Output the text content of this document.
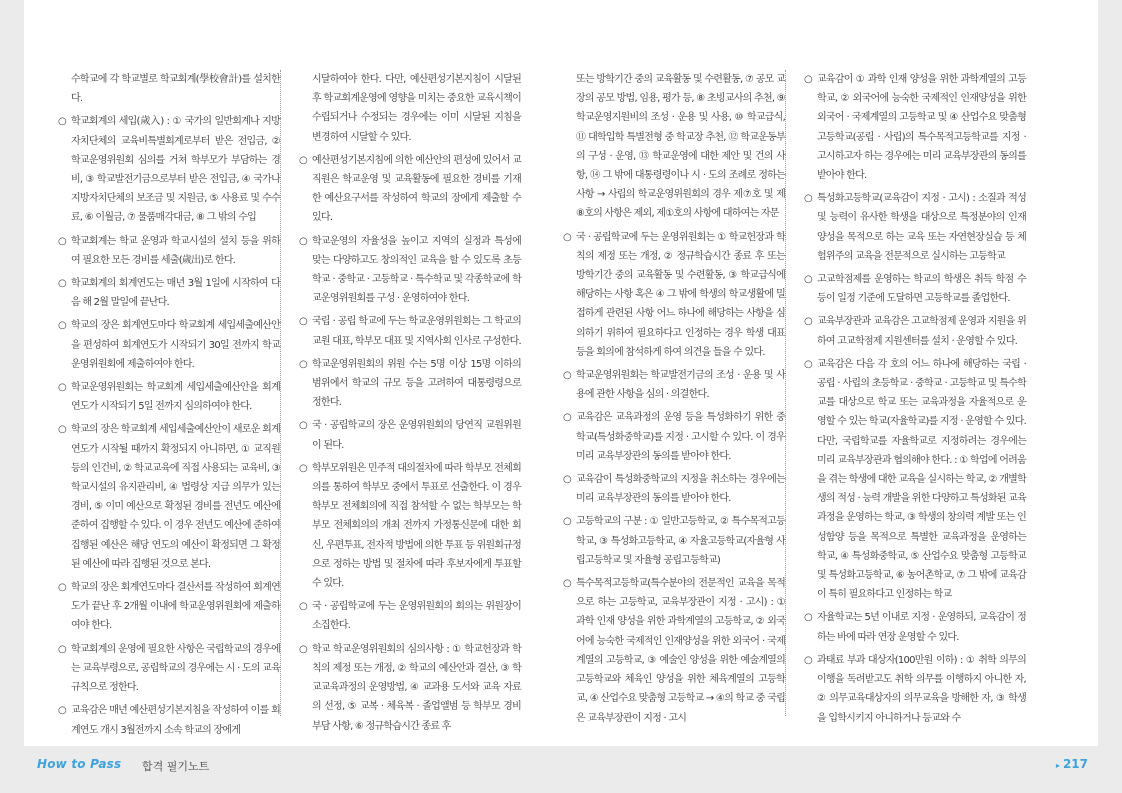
수학교에 각 학교별로 학교회계(學校會計)를 설치한다.
○ 학교회계의 세입(歲入) : ① 국가의 일반회계나 지방자치단체의 교육비특별회계로부터 받은 전입금, ② 학교운영위원회 심의를 거쳐 학부모가 부담하는 경비, ③ 학교발전기금으로부터 받은 전입금, ④ 국가나 지방자치단체의 보조금 및 지원금, ⑤ 사용료 및 수수료, ⑥ 이월금, ⑦ 물품매각대금, ⑧ 그 밖의 수입
○ 학교회계는 학교 운영과 학교시설의 설치 등을 위하여 필요한 모든 경비를 세출(歲出)로 한다.
○ 학교회계의 회계연도는 매년 3월 1일에 시작하여 다음 해 2월 말일에 끝난다.
○ 학교의 장은 회계연도마다 학교회계 세입세출예산안을 편성하여 회계연도가 시작되기 30일 전까지 학교운영위원회에 제출하여야 한다.
○ 학교운영위원회는 학교회계 세입세출예산안을 회계연도가 시작되기 5일 전까지 심의하여야 한다.
○ 학교의 장은 학교회계 세입세출예산안이 새로운 회계연도가 시작될 때까지 확정되지 아니하면, ① 교직원 등의 인건비, ② 학교교육에 직접 사용되는 교육비, ③ 학교시설의 유지관리비, ④ 법령상 지급 의무가 있는 경비, ⑤ 이미 예산으로 확정된 경비를 전년도 예산에 준하여 집행할 수 있다. 이 경우 전년도 예산에 준하여 집행된 예산은 해당 연도의 예산이 확정되면 그 확정된 예산에 따라 집행된 것으로 본다.
○ 학교의 장은 회계연도마다 결산서를 작성하여 회계연도가 끝난 후 2개월 이내에 학교운영위원회에 제출하여야 한다.
○ 학교회계의 운영에 필요한 사항은 국립학교의 경우에는 교육부령으로, 공립학교의 경우에는 시 · 도의 교육규칙으로 정한다.
○ 교육감은 매년 예산편성기본지침을 작성하여 이를 회계연도 개시 3월전까지 소속 학교의 장에게
시달하여야 한다. 다만, 예산편성기본지침이 시달된 후 학교회계운영에 영향을 미치는 중요한 교육시책이 수립되거나 수정되는 경우에는 이미 시달된 지침을 변경하여 시달할 수 있다.
○ 예산편성기본지침에 의한 예산안의 편성에 있어서 교직원은 학교운영 및 교육활동에 필요한 경비를 기재한 예산요구서를 작성하여 학교의 장에게 제출할 수 있다.
○ 학교운영의 자율성을 높이고 지역의 실정과 특성에 맞는 다양하고도 창의적인 교육을 할 수 있도록 초등학교 · 중학교 · 고등학교 · 특수학교 및 각종학교에 학교운영위원회를 구성 · 운영하여야 한다.
○ 국립 · 공립 학교에 두는 학교운영위원회는 그 학교의 교원 대표, 학부모 대표 및 지역사회 인사로 구성한다.
○ 학교운영위원회의 위원 수는 5명 이상 15명 이하의 범위에서 학교의 규모 등을 고려하여 대통령령으로 정한다.
○ 국 · 공립학교의 장은 운영위원회의 당연직 교원위원이 된다.
○ 학부모위원은 민주적 대의절차에 따라 학부모 전체회의를 통하여 학부모 중에서 투표로 선출한다. 이 경우 학부모 전체회의에 직접 참석할 수 없는 학부모는 학부모 전체회의의 개최 전까지 가정통신문에 대한 회신, 우편투표, 전자적 방법에 의한 투표 등 위원회규정으로 정하는 방법 및 절차에 따라 후보자에게 투표할 수 있다.
○ 국 · 공립학교에 두는 운영위원회의 회의는 위원장이 소집한다.
○ 학교 학교운영위원회의 심의사항 : ① 학교헌장과 학칙의 제정 또는 개정, ② 학교의 예산안과 결산, ③ 학교교육과정의 운영방법, ④ 교과용 도서와 교육 자료의 선정, ⑤ 교복 · 체육복 · 졸업앨범 등 학부모 경비 부담 사항, ⑥ 정규학습시간 종료 후
또는 방학기간 중의 교육활동 및 수련활동, ⑦ 공모 교장의 공모 방법, 임용, 평가 등, ⑧ 초빙교사의 추천, ⑨ 학교운영지원비의 조성 · 운용 및 사용, ⑩ 학교급식, ⑪ 대학입학 특별전형 중 학교장 추천, ⑫ 학교운동부의 구성 · 운영, ⑬ 학교운영에 대한 제안 및 건의 사항, ⑭ 그 밖에 대통령령이나 시 · 도의 조례로 정하는 사항 → 사립의 학교운영위원회의 경우 제⑦호 및 제⑧호의 사항은 제외, 제①호의 사항에 대하여는 자문
○ 국 · 공립학교에 두는 운영위원회는 ① 학교헌장과 학칙의 제정 또는 개정, ② 정규학습시간 종료 후 또는 방학기간 중의 교육활동 및 수련활동, ③ 학교급식에 해당하는 사항 혹은 ④ 그 밖에 학생의 학교생활에 밀접하게 관련된 사항 어느 하나에 해당하는 사항을 심의하기 위하여 필요하다고 인정하는 경우 학생 대표 등을 회의에 참석하게 하여 의견을 들을 수 있다.
○ 학교운영위원회는 학교발전기금의 조성 · 운용 및 사용에 관한 사항을 심의 · 의결한다.
○ 교육감은 교육과정의 운영 등을 특성화하기 위한 중학교(특성화중학교)를 지정 · 고시할 수 있다. 이 경우 미리 교육부장관의 동의를 받아야 한다.
○ 교육감이 특성화중학교의 지정을 취소하는 경우에는 미리 교육부장관의 동의를 받아야 한다.
○ 고등학교의 구분 : ① 일반고등학교, ② 특수목적고등학교, ③ 특성화고등학교, ④ 자율고등학교(자율형 사립고등학교 및 자율형 공립고등학교)
○ 특수목적고등학교(특수분야의 전문적인 교육을 목적으로 하는 고등학교, 교육부장관이 지정 · 고시) : ① 과학 인재 양성을 위한 과학계열의 고등학교, ② 외국어에 능숙한 국제적인 인재양성을 위한 외국어 · 국제계열의 고등학교, ③ 예술인 양성을 위한 예술계열의 고등학교와 체육인 양성을 위한 체육계열의 고등학교, ④ 산업수요 맞춤형 고등학교 → ④의 학교 중 국립은 교육부장관이 지정 · 고시
○ 교육감이 ① 과학 인재 양성을 위한 과학계열의 고등학교, ② 외국어에 능숙한 국제적인 인재양성을 위한 외국어 · 국제계열의 고등학교 및 ④ 산업수요 맞춤형 고등학교(공립 · 사립)의 특수목적고등학교를 지정 · 고시하고자 하는 경우에는 미리 교육부장관의 동의를 받아야 한다.
○ 특성화고등학교(교육감이 지정 · 고시) : 소질과 적성 및 능력이 유사한 학생을 대상으로 특정분야의 인재양성을 목적으로 하는 교육 또는 자연현장실습 등 체험위주의 교육을 전문적으로 실시하는 고등학교
○ 고교학점제를 운영하는 학교의 학생은 취득 학점 수 등이 일정 기준에 도달하면 고등학교를 졸업한다.
○ 교육부장관과 교육감은 고교학점제 운영과 지원을 위하여 고교학점제 지원센터를 설치 · 운영할 수 있다.
○ 교육감은 다음 각 호의 어느 하나에 해당하는 국립 · 공립 · 사립의 초등학교 · 중학교 · 고등학교 및 특수학교를 대상으로 학교 또는 교육과정을 자율적으로 운영할 수 있는 학교(자율학교)를 지정 · 운영할 수 있다. 다만, 국립학교를 자율학교로 지정하려는 경우에는 미리 교육부장관과 협의해야 한다. : ① 학업에 어려움을 겪는 학생에 대한 교육을 실시하는 학교, ② 개별학생의 적성 · 능력 개발을 위한 다양하고 특성화된 교육과정을 운영하는 학교, ③ 학생의 창의력 계발 또는 인성함양 등을 목적으로 특별한 교육과정을 운영하는 학교, ④ 특성화중학교, ⑤ 산업수요 맞춤형 고등학교 및 특성화고등학교, ⑥ 농어촌학교, ⑦ 그 밖에 교육감이 특히 필요하다고 인정하는 학교
○ 자율학교는 5년 이내로 지정 · 운영하되, 교육감이 정하는 바에 따라 연장 운영할 수 있다.
○ 과태료 부과 대상자(100만원 이하) : ① 취학 의무의 이행을 독려받고도 취학 의무를 이행하지 아니한 자, ② 의무교육대상자의 의무교육을 방해한 자, ③ 학생을 입학시키지 아니하거나 등교와 수
How to Pass 합격 필기노트	▸ 217
